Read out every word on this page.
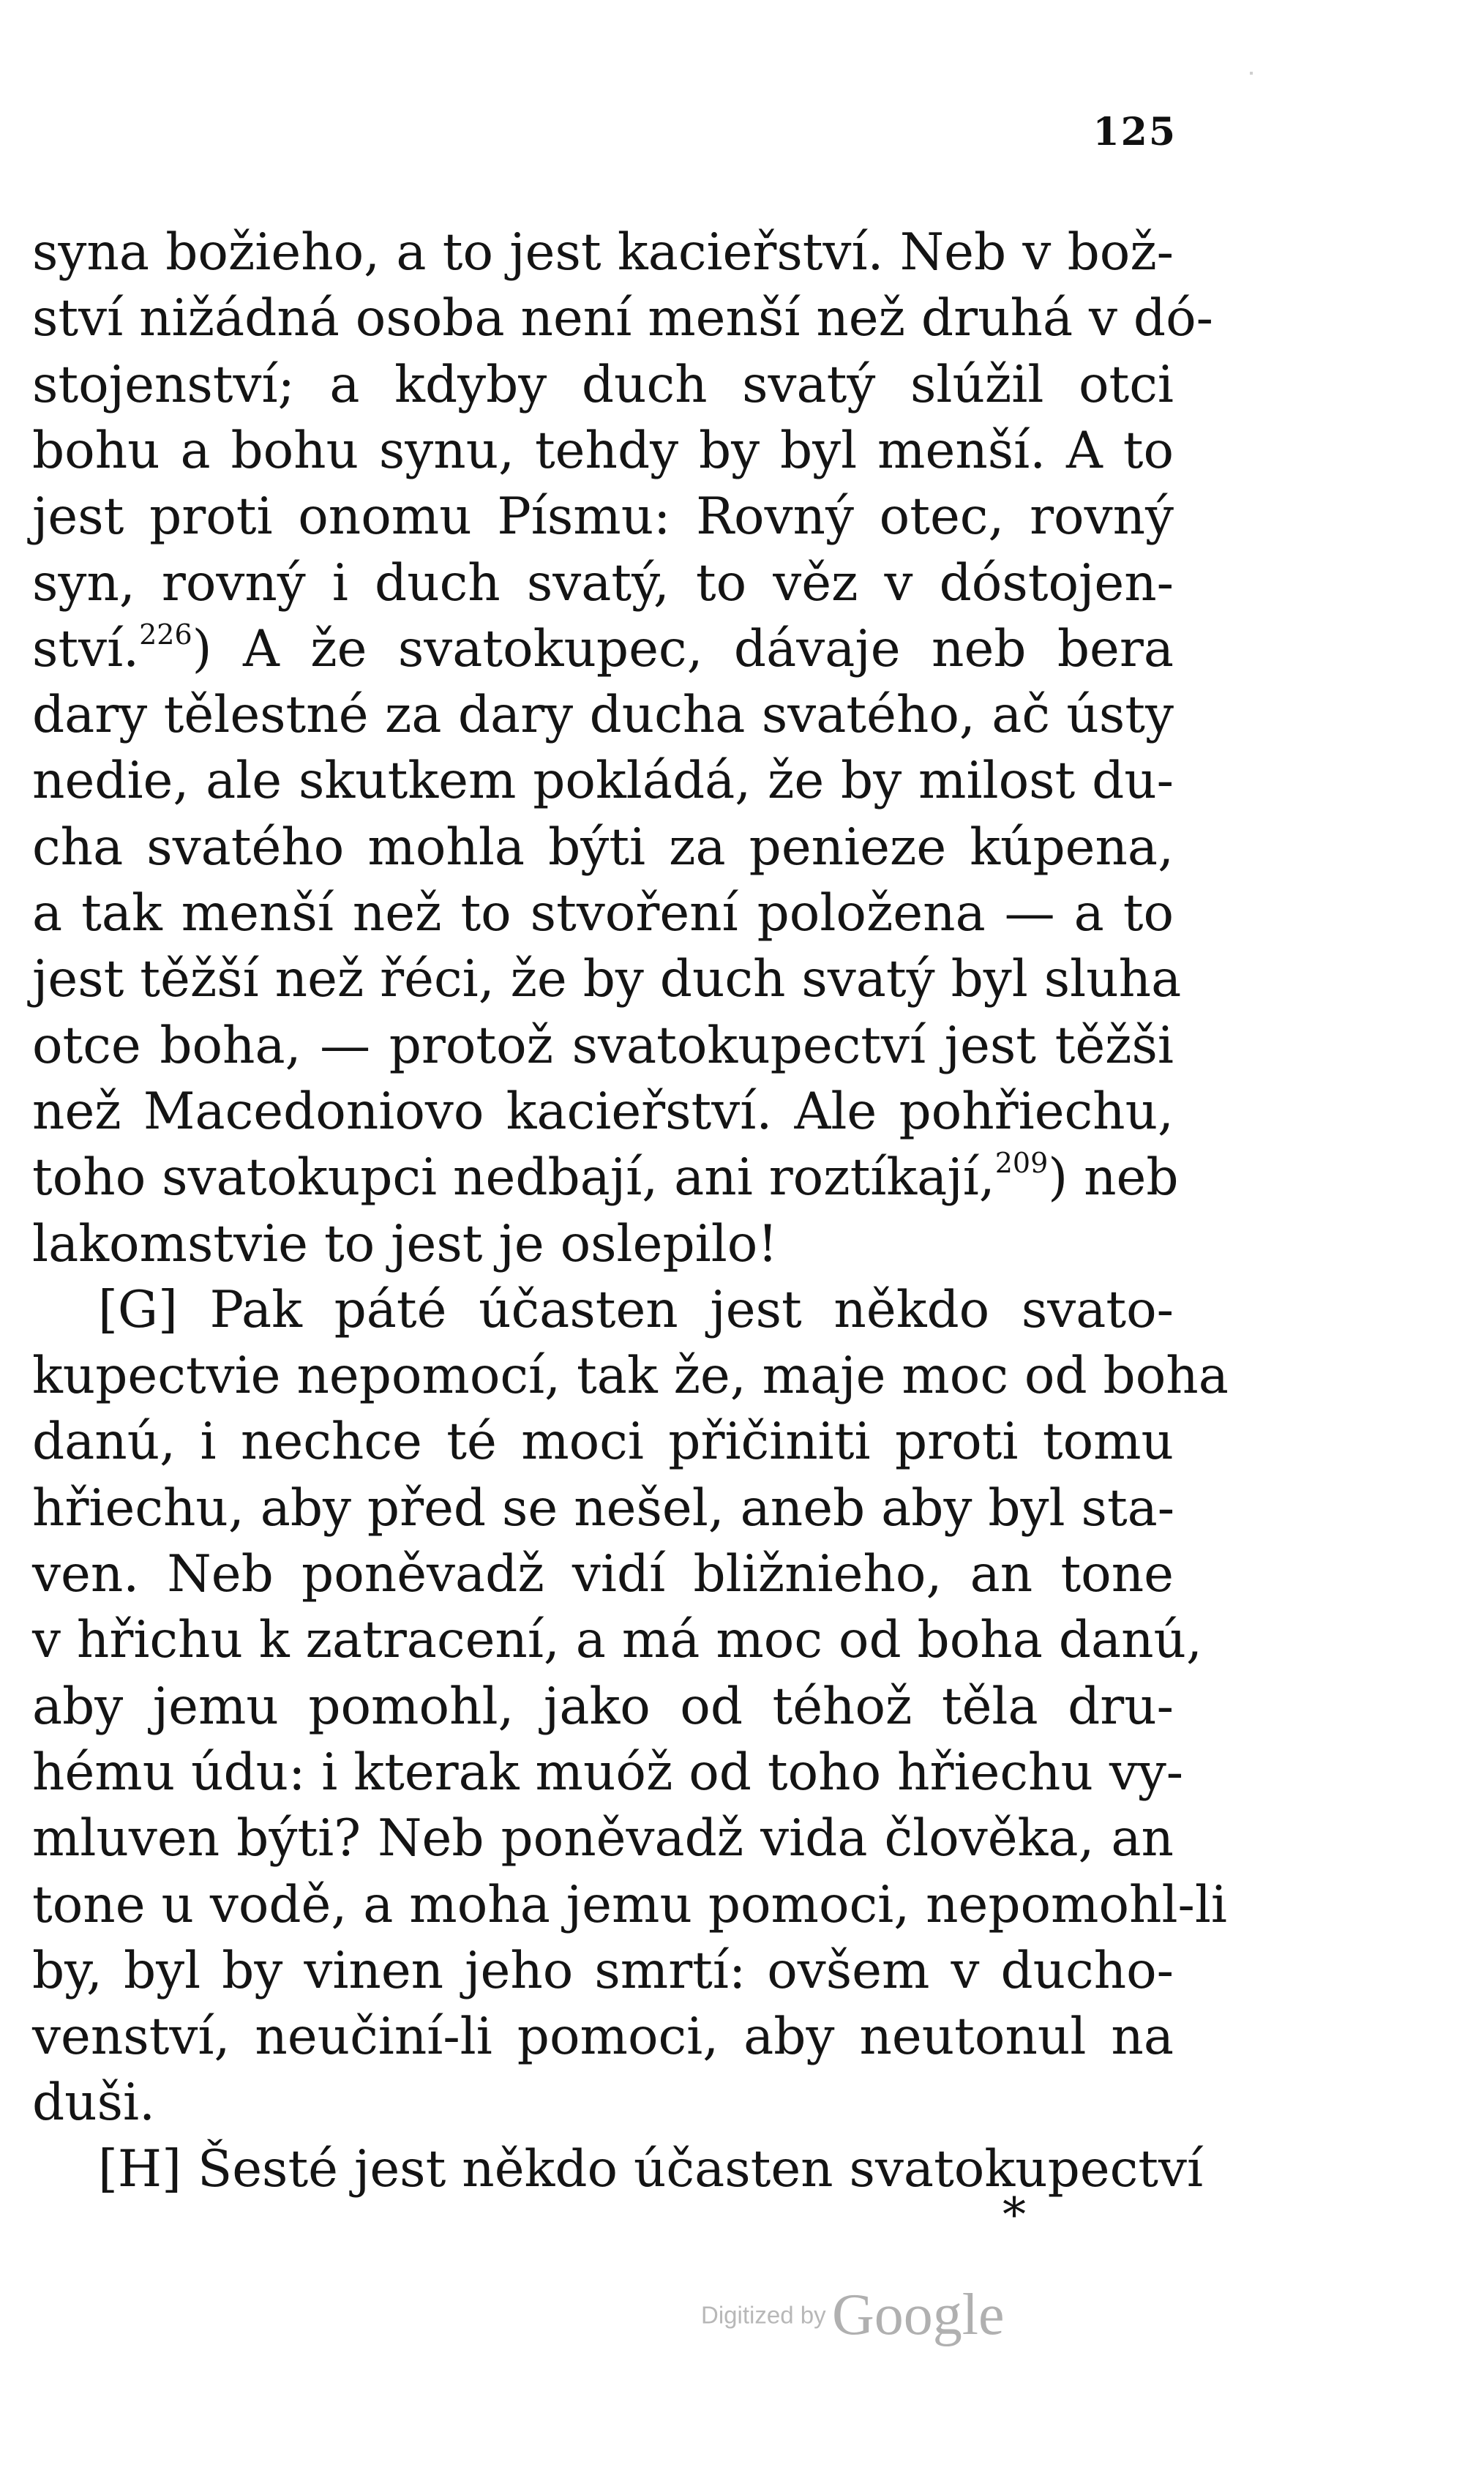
125
syna božieho, a to jest kacieřství. Neb v bož-
ství nižádná osoba není menší než druhá v dó-
stojenství; a kdyby duch svatý slúžil otci
bohu a bohu synu, tehdy by byl menší. A to
jest proti onomu Písmu: Rovný otec, rovný
syn, rovný i duch svatý, to věz v dóstojen-
ství.$^{226}$) A že svatokupec, dávaje neb bera
dary tělestné za dary ducha svatého, ač ústy
nedie, ale skutkem pokládá, že by milost du-
cha svatého mohla býti za penieze kúpena,
a tak menší než to stvoření položena — a to
jest těžší než řéci, že by duch svatý byl sluha
otce boha, — protož svatokupectví jest těžši
než Macedoniovo kacieřství. Ale pohřiechu,
toho svatokupci nedbají, ani roztíkají,$^{209}$) neb
lakomstvie to jest je oslepilo!
[G] Pak páté účasten jest někdo svato-
kupectvie nepomocí, tak že, maje moc od boha
danú, i nechce té moci přičiniti proti tomu
hřiechu, aby před se nešel, aneb aby byl sta-
ven. Neb poněvadž vidí bližnieho, an tone
v hřichu k zatracení, a má moc od boha danú,
aby jemu pomohl, jako od téhož těla dru-
hému údu: i kterak muóž od toho hřiechu vy-
mluven býti? Neb poněvadž vida člověka, an
tone u vodě, a moha jemu pomoci, nepomohl-li
by, byl by vinen jeho smrtí: ovšem v ducho-
venství, neučiní-li pomoci, aby neutonul na
duši.
[H] Šesté jest někdo účasten svatokupectví
*
Digitized by Google
